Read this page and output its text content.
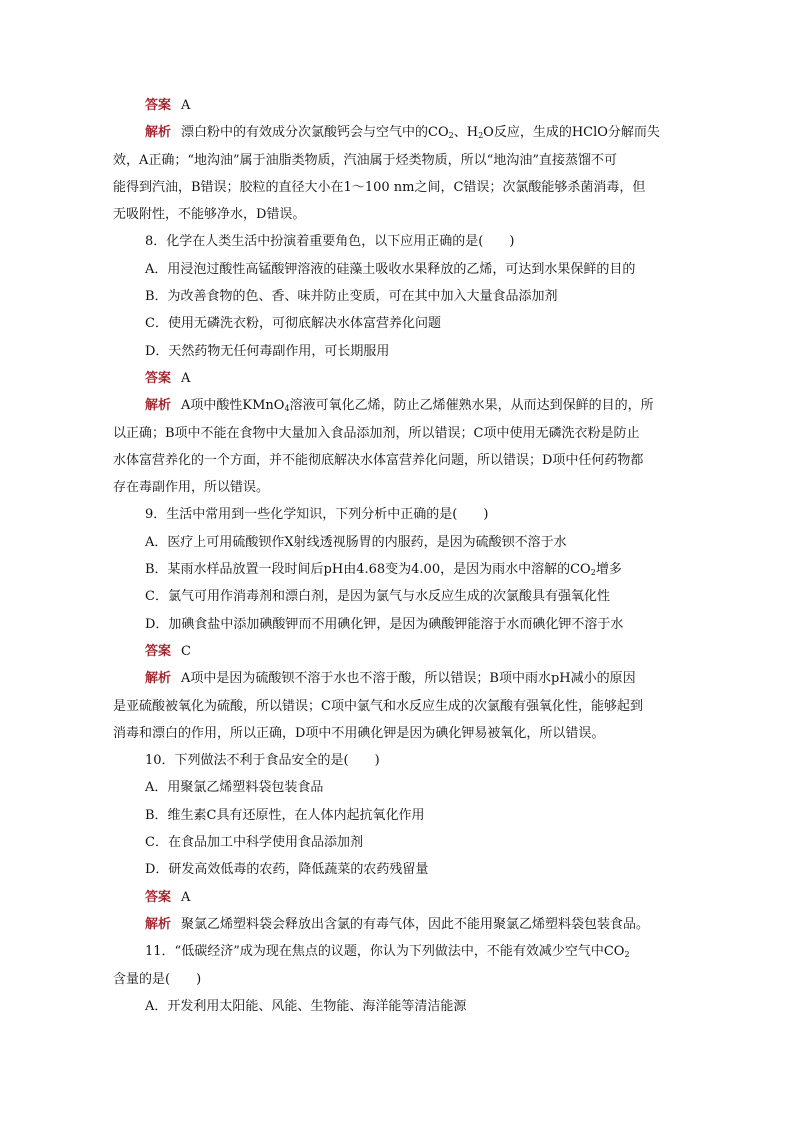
答案 A
解析 漂白粉中的有效成分次氯酸钙会与空气中的$CO_2$、$H_2O$反应，生成的HClO分解而失
效，A正确；“地沟油”属于油脂类物质，汽油属于烃类物质，所以“地沟油”直接蒸馏不可
能得到汽油，B错误；胶粒的直径大小在1～100 nm之间，C错误；次氯酸能够杀菌消毒，但
无吸附性，不能够净水，D错误。
8．化学在人类生活中扮演着重要角色，以下应用正确的是(　　)
A．用浸泡过酸性高锰酸钾溶液的硅藻土吸收水果释放的乙烯，可达到水果保鲜的目的
B．为改善食物的色、香、味并防止变质，可在其中加入大量食品添加剂
C．使用无磷洗衣粉，可彻底解决水体富营养化问题
D．天然药物无任何毒副作用，可长期服用
答案 A
解析 A项中酸性KMnO$_4$溶液可氧化乙烯，防止乙烯催熟水果，从而达到保鲜的目的，所
以正确；B项中不能在食物中大量加入食品添加剂，所以错误；C项中使用无磷洗衣粉是防止
水体富营养化的一个方面，并不能彻底解决水体富营养化问题，所以错误；D项中任何药物都
存在毒副作用，所以错误。
9．生活中常用到一些化学知识，下列分析中正确的是(　　)
A．医疗上可用硫酸钡作X射线透视肠胃的内服药，是因为硫酸钡不溶于水
B．某雨水样品放置一段时间后pH由4.68变为4.00，是因为雨水中溶解的$CO_2$增多
C．氯气可用作消毒剂和漂白剂，是因为氯气与水反应生成的次氯酸具有强氧化性
D．加碘食盐中添加碘酸钾而不用碘化钾，是因为碘酸钾能溶于水而碘化钾不溶于水
答案 C
解析 A项中是因为硫酸钡不溶于水也不溶于酸，所以错误；B项中雨水pH减小的原因
是亚硫酸被氧化为硫酸，所以错误；C项中氯气和水反应生成的次氯酸有强氧化性，能够起到
消毒和漂白的作用，所以正确，D项中不用碘化钾是因为碘化钾易被氧化，所以错误。
10．下列做法不利于食品安全的是(　　)
A．用聚氯乙烯塑料袋包装食品
B．维生素C具有还原性，在人体内起抗氧化作用
C．在食品加工中科学使用食品添加剂
D．研发高效低毒的农药，降低蔬菜的农药残留量
答案 A
解析 聚氯乙烯塑料袋会释放出含氯的有毒气体，因此不能用聚氯乙烯塑料袋包装食品。
11．“低碳经济”成为现在焦点的议题，你认为下列做法中，不能有效减少空气中$CO_2$
含量的是(　　)
A．开发利用太阳能、风能、生物能、海洋能等清洁能源
